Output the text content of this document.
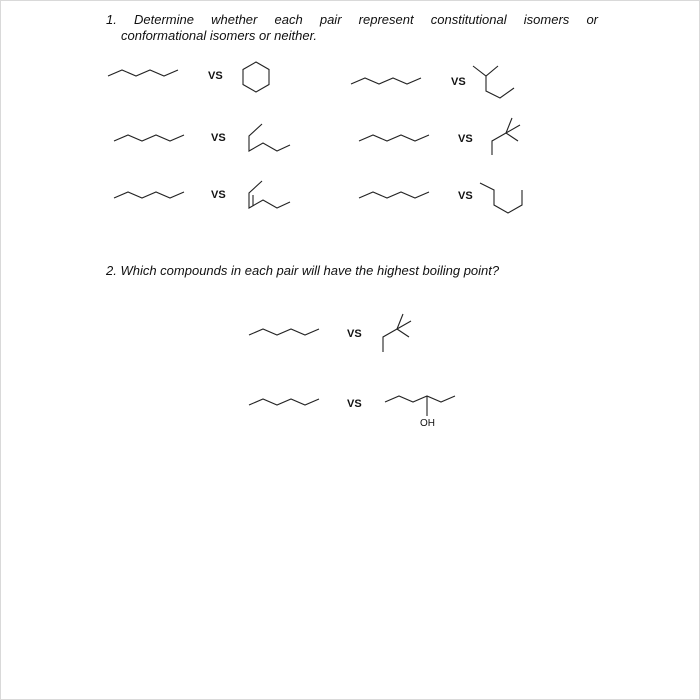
1. Determine whether each pair represent constitutional isomers or
conformational isomers or neither.
VS	VS
VS	VS
VS	VS
2. Which compounds in each pair will have the highest boiling point?
VS
VS
OH
